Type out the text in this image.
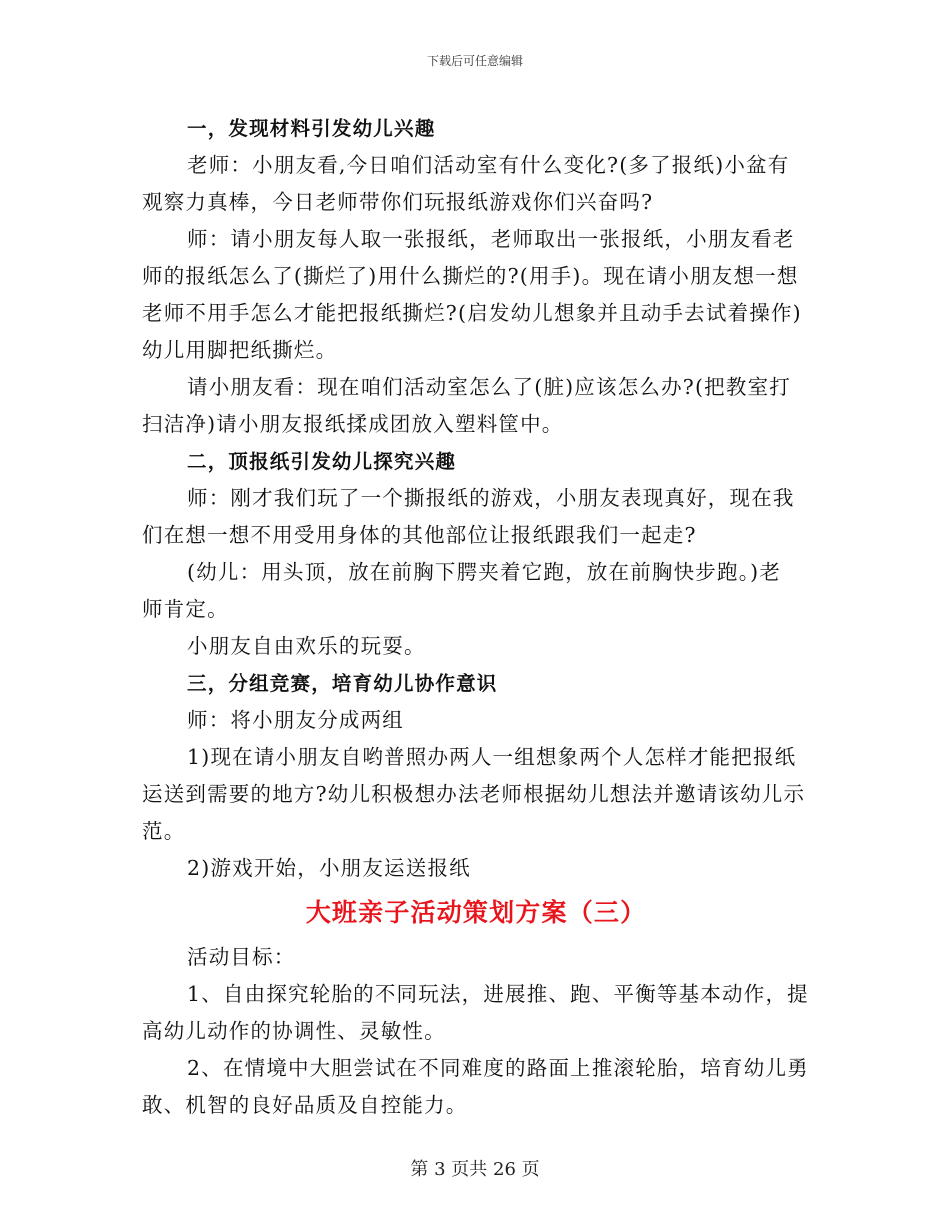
下载后可任意编辑
一，发现材料引发幼儿兴趣
老师：小朋友看,今日咱们活动室有什么变化?(多了报纸)小盆有
观察力真棒，今日老师带你们玩报纸游戏你们兴奋吗?
师：请小朋友每人取一张报纸，老师取出一张报纸，小朋友看老
师的报纸怎么了(撕烂了)用什么撕烂的?(用手)。现在请小朋友想一想
老师不用手怎么才能把报纸撕烂?(启发幼儿想象并且动手去试着操作)
幼儿用脚把纸撕烂。
请小朋友看：现在咱们活动室怎么了(脏)应该怎么办?(把教室打
扫洁净)请小朋友报纸揉成团放入塑料筐中。
二，顶报纸引发幼儿探究兴趣
师：刚才我们玩了一个撕报纸的游戏，小朋友表现真好，现在我
们在想一想不用受用身体的其他部位让报纸跟我们一起走?
(幼儿：用头顶，放在前胸下腭夹着它跑，放在前胸快步跑。)老
师肯定。
小朋友自由欢乐的玩耍。
三，分组竞赛，培育幼儿协作意识
师：将小朋友分成两组
1)现在请小朋友自哟普照办两人一组想象两个人怎样才能把报纸
运送到需要的地方?幼儿积极想办法老师根据幼儿想法并邀请该幼儿示
范。
2)游戏开始，小朋友运送报纸
大班亲子活动策划方案（三）
活动目标：
1、自由探究轮胎的不同玩法，进展推、跑、平衡等基本动作，提
高幼儿动作的协调性、灵敏性。
2、在情境中大胆尝试在不同难度的路面上推滚轮胎，培育幼儿勇
敢、机智的良好品质及自控能力。
第 3 页共 26 页
